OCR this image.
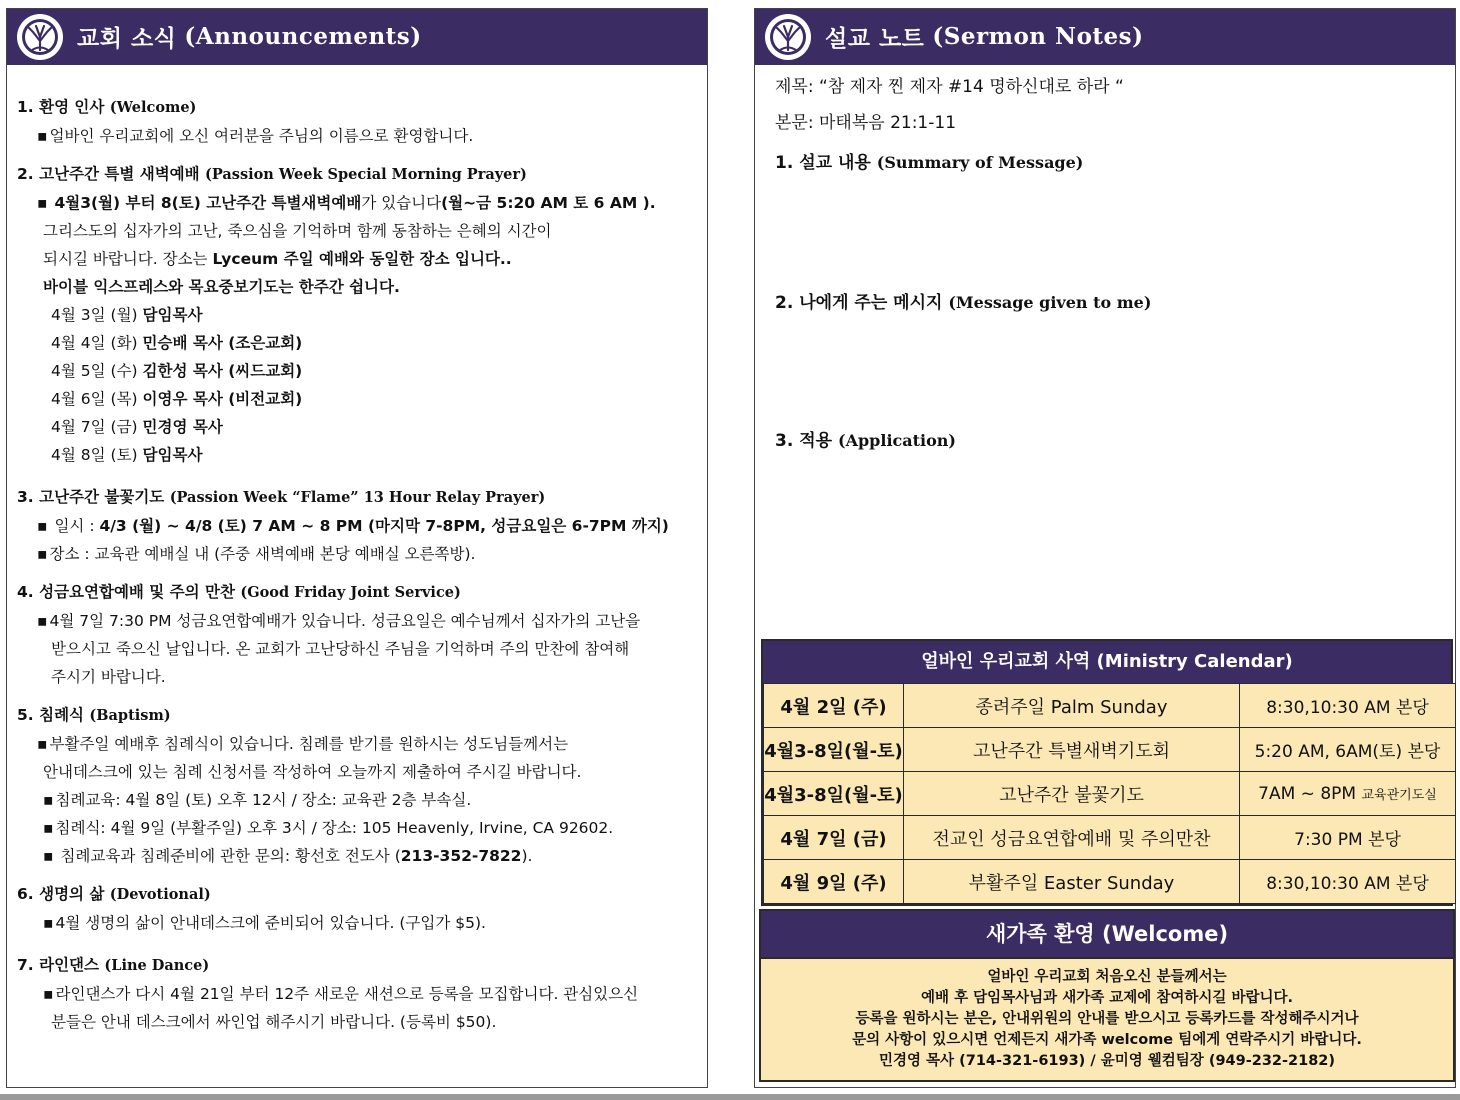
교회 소식 (Announcements)
1. 환영 인사 (Welcome)
▪ 얼바인 우리교회에 오신 여러분을 주님의 이름으로 환영합니다.
2. 고난주간 특별 새벽예배 (Passion Week Special Morning Prayer)
▪ 4월3(월) 부터 8(토) 고난주간 특별새벽예배가 있습니다(월~금 5:20 AM 토 6 AM ).
그리스도의 십자가의 고난, 죽으심을 기억하며 함께 동참하는 은혜의 시간이
되시길 바랍니다. 장소는 Lyceum 주일 예배와 동일한 장소 입니다..
바이블 익스프레스와 목요중보기도는 한주간 쉽니다.
4월 3일 (월) 담임목사
4월 4일 (화) 민승배 목사 (조은교회)
4월 5일 (수) 김한성 목사 (씨드교회)
4월 6일 (목) 이영우 목사 (비전교회)
4월 7일 (금) 민경영 목사
4월 8일 (토) 담임목사
3. 고난주간 불꽃기도 (Passion Week “Flame” 13 Hour Relay Prayer)
▪ 일시 : 4/3 (월) ~ 4/8 (토) 7 AM ~ 8 PM (마지막 7-8PM, 성금요일은 6-7PM 까지)
▪ 장소 : 교육관 예배실 내 (주중 새벽예배 본당 예배실 오른쪽방).
4. 성금요연합예배 및 주의 만찬 (Good Friday Joint Service)
▪ 4월 7일 7:30 PM 성금요연합예배가 있습니다. 성금요일은 예수님께서 십자가의 고난을
받으시고 죽으신 날입니다. 온 교회가 고난당하신 주님을 기억하며 주의 만찬에 참여해
주시기 바랍니다.
5. 침례식 (Baptism)
▪ 부활주일 예배후 침례식이 있습니다. 침례를 받기를 원하시는 성도님들께서는
안내데스크에 있는 침례 신청서를 작성하여 오늘까지 제출하여 주시길 바랍니다.
▪ 침례교육: 4월 8일 (토) 오후 12시 / 장소: 교육관 2층 부속실.
▪ 침례식: 4월 9일 (부활주일) 오후 3시 / 장소: 105 Heavenly, Irvine, CA 92602.
▪ 침례교육과 침례준비에 관한 문의: 황선호 전도사 (213-352-7822).
6. 생명의 삶 (Devotional)
▪ 4월 생명의 삶이 안내데스크에 준비되어 있습니다. (구입가 $5).
7. 라인댄스 (Line Dance)
▪ 라인댄스가 다시 4월 21일 부터 12주 새로운 새션으로 등록을 모집합니다. 관심있으신
분들은 안내 데스크에서 싸인업 해주시기 바랍니다. (등록비 $50).
설교 노트 (Sermon Notes)
제목: “참 제자 찐 제자 #14 명하신대로 하라 “
본문: 마태복음 21:1-11
1. 설교 내용 (Summary of Message)
2. 나에게 주는 메시지 (Message given to me)
3. 적용 (Application)
얼바인 우리교회 사역 (Ministry Calendar)
4월 2일 (주)	종려주일 Palm Sunday	8:30,10:30 AM 본당
4월3-8일(월-토)	고난주간 특별새벽기도회	5:20 AM, 6AM(토) 본당
4월3-8일(월-토)	고난주간 불꽃기도	7AM ~ 8PM 교육관기도실
4월 7일 (금)	전교인 성금요연합예배 및 주의만찬	7:30 PM 본당
4월 9일 (주)	부활주일 Easter Sunday	8:30,10:30 AM 본당
새가족 환영 (Welcome)
얼바인 우리교회 처음오신 분들께서는
예배 후 담임목사님과 새가족 교제에 참여하시길 바랍니다.
등록을 원하시는 분은, 안내위원의 안내를 받으시고 등록카드를 작성해주시거나
문의 사항이 있으시면 언제든지 새가족 welcome 팀에게 연락주시기 바랍니다.
민경영 목사 (714-321-6193) / 윤미영 웰컴팀장 (949-232-2182)
